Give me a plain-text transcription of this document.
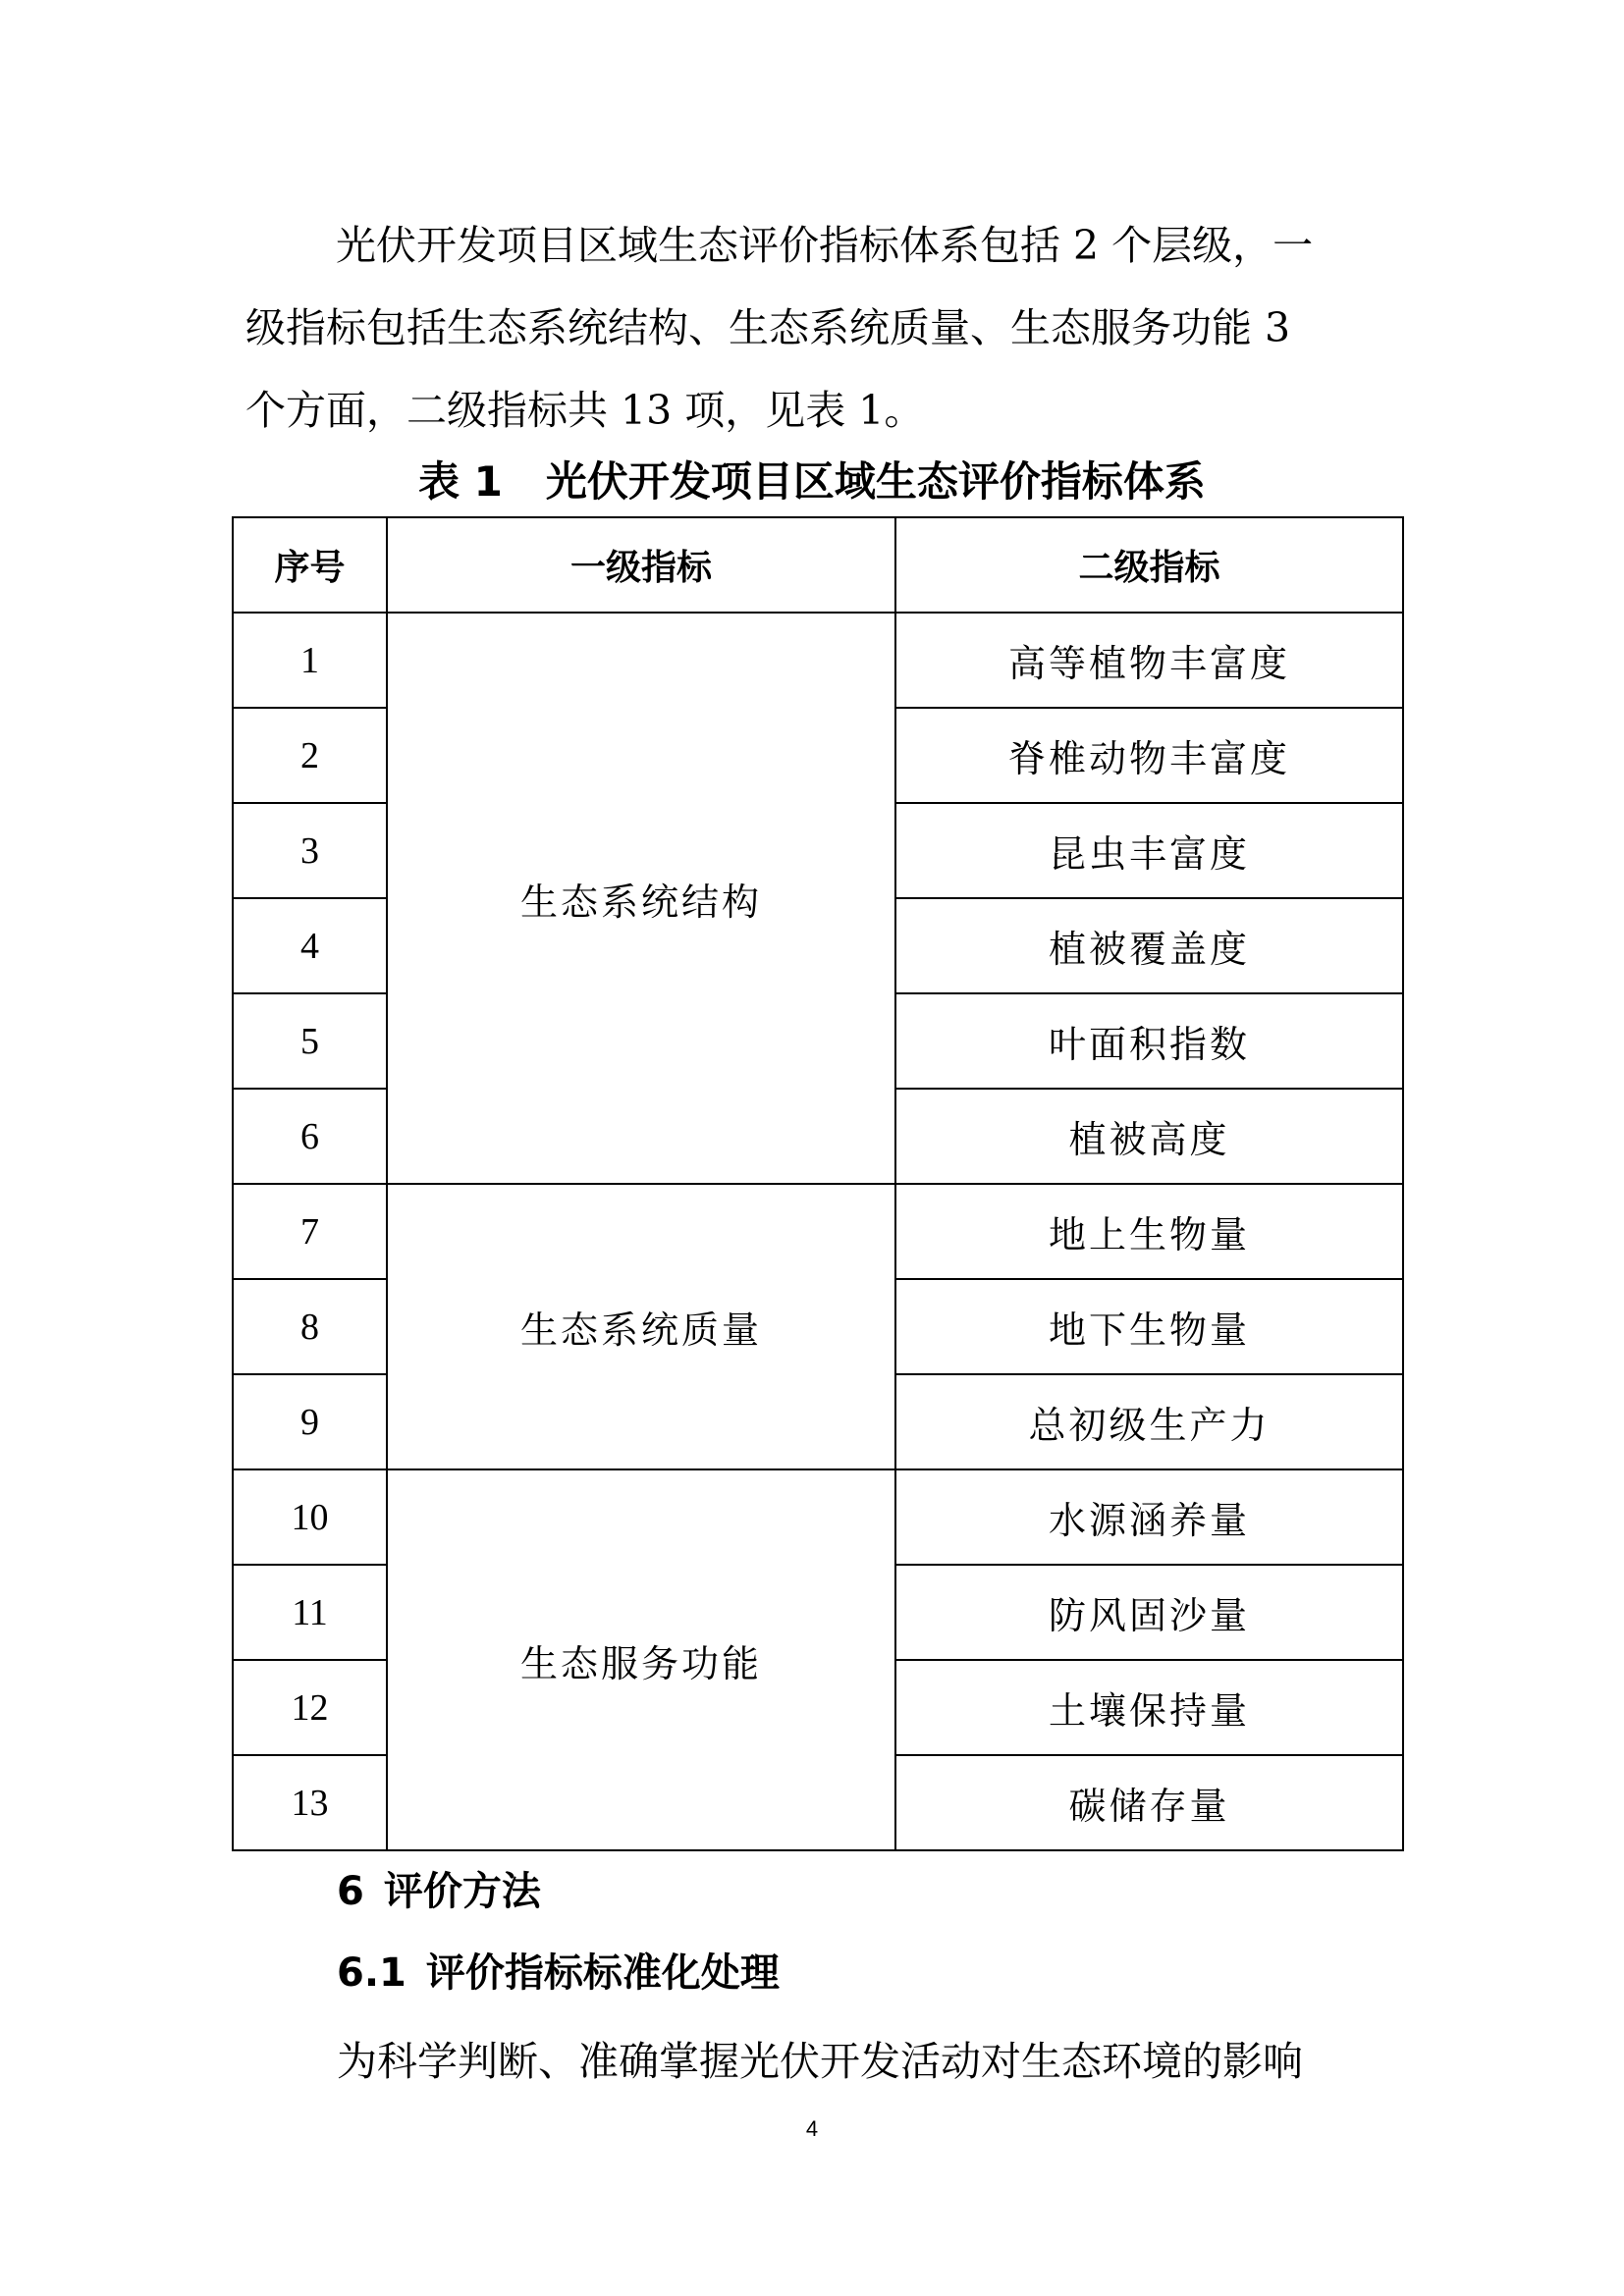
光伏开发项目区域生态评价指标体系包括 2 个层级，一
级指标包括生态系统结构、生态系统质量、生态服务功能 3
个方面，二级指标共 13 项，见表 1。

表 1 光伏开发项目区域生态评价指标体系
序号	一级指标	二级指标
1	生态系统结构	高等植物丰富度
2		脊椎动物丰富度
3		昆虫丰富度
4		植被覆盖度
5		叶面积指数
6		植被高度
7	生态系统质量	地上生物量
8		地下生物量
9		总初级生产力
10	生态服务功能	水源涵养量
11		防风固沙量
12		土壤保持量
13		碳储存量
6 评价方法
6.1 评价指标标准化处理
为科学判断、准确掌握光伏开发活动对生态环境的影响
4
